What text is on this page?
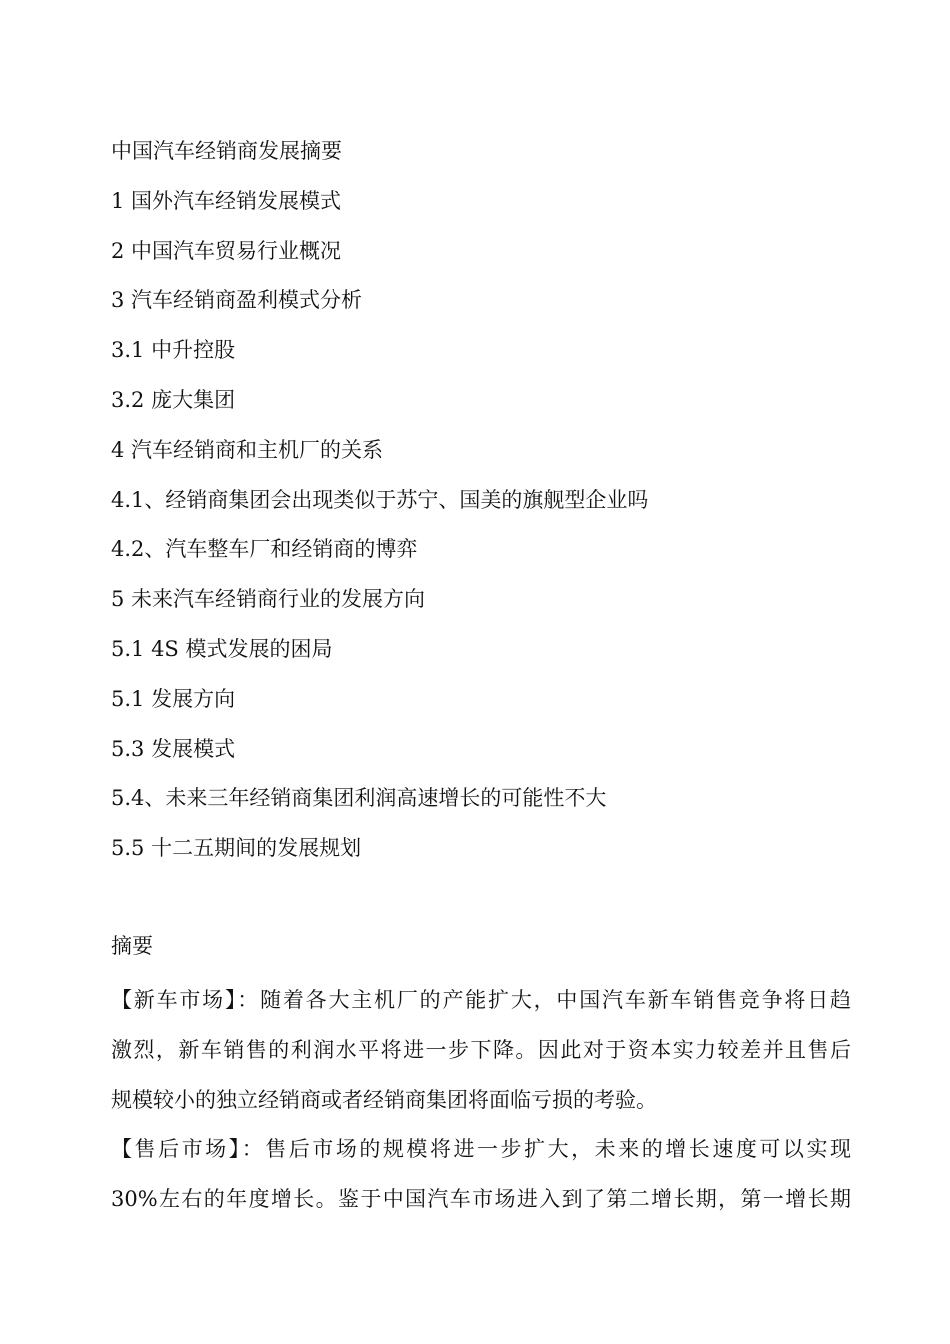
中国汽车经销商发展摘要
1 国外汽车经销发展模式
2 中国汽车贸易行业概况
3 汽车经销商盈利模式分析
3.1 中升控股
3.2 庞大集团
4 汽车经销商和主机厂的关系
4.1、经销商集团会出现类似于苏宁、国美的旗舰型企业吗
4.2、汽车整车厂和经销商的博弈
5 未来汽车经销商行业的发展方向
5.1 4S 模式发展的困局
5.1 发展方向
5.3 发展模式
5.4、未来三年经销商集团利润高速增长的可能性不大
5.5 十二五期间的发展规划
摘要
【新车市场】：随着各大主机厂的产能扩大，中国汽车新车销售竞争将日趋
激烈，新车销售的利润水平将进一步下降。因此对于资本实力较差并且售后
规模较小的独立经销商或者经销商集团将面临亏损的考验。
【售后市场】：售后市场的规模将进一步扩大，未来的增长速度可以实现
30%左右的年度增长。鉴于中国汽车市场进入到了第二增长期，第一增长期
